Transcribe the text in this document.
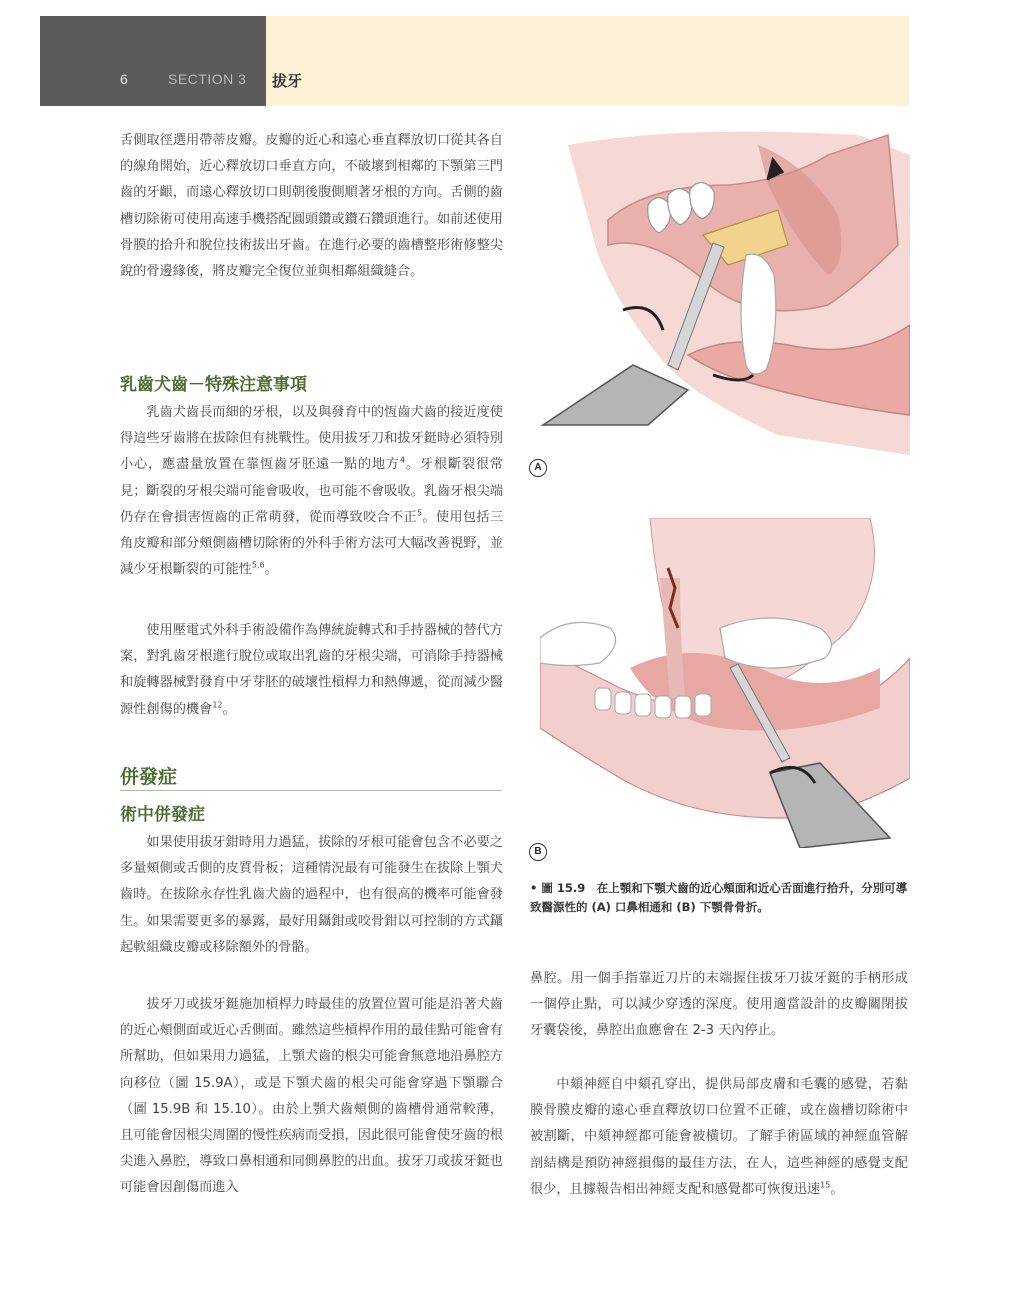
6	SECTION 3 拔牙

舌側取徑選用帶蒂皮瓣。皮瓣的近心和遠心垂直釋放切口從其各自的線角開始，近心釋放切口垂直方向，不破壞到相鄰的下顎第三門齒的牙齦，而遠心釋放切口則朝後腹側順著牙根的方向。舌側的齒槽切除術可使用高速手機搭配圓頭鑽或鑽石鑽頭進行。如前述使用骨膜的拾升和脫位技術拔出牙齒。在進行必要的齒槽整形術修整尖銳的骨邊緣後，將皮瓣完全復位並與相鄰組織縫合。

乳齒犬齒－特殊注意事項

乳齒犬齒長而細的牙根，以及與發育中的恆齒犬齒的接近度使得這些牙齒將在拔除但有挑戰性。使用拔牙刀和拔牙鋌時必須特別小心，應盡量放置在靠恆齒牙胚遠一點的地方$^4$。牙根斷裂很常見；斷裂的牙根尖端可能會吸收，也可能不會吸收。乳齒牙根尖端仍存在會損害恆齒的正常萌發，從而導致咬合不正$^5$。使用包括三角皮瓣和部分頰側齒槽切除術的外科手術方法可大幅改善視野，並減少牙根斷裂的可能性$^{5,6}$。

使用壓電式外科手術設備作為傳統旋轉式和手持器械的替代方案，對乳齒牙根進行脫位或取出乳齒的牙根尖端，可消除手持器械和旋轉器械對發育中牙芽胚的破壞性槓桿力和熱傳遞，從而減少醫源性創傷的機會$^{12}$。

併發症
術中併發症

如果使用拔牙鉗時用力過猛，拔除的牙根可能會包含不必要之多量頰側或舌側的皮質骨板；這種情況最有可能發生在拔除上顎犬齒時。在拔除永存性乳齒犬齒的過程中，也有很高的機率可能會發生。如果需要更多的暴露，最好用鑷鉗或咬骨鉗以可控制的方式鑷起軟組織皮瓣或移除額外的骨骼。

拔牙刀或拔牙鋌施加槓桿力時最佳的放置位置可能是沿著犬齒的近心頰側面或近心舌側面。雖然這些槓桿作用的最佳點可能會有所幫助，但如果用力過猛，上顎犬齒的根尖可能會無意地沿鼻腔方向移位（圖 15.9A），或是下顎犬齒的根尖可能會穿過下顎聯合（圖 15.9B 和 15.10）。由於上顎犬齒頰側的齒槽骨通常較薄，且可能會因根尖周圍的慢性疾病而受損，因此很可能會使牙齒的根尖進入鼻腔，導致口鼻相通和同側鼻腔的出血。拔牙刀或拔牙鋌也可能會因創傷而進入

A
B
• 圖 15.9　在上顎和下顎犬齒的近心頰面和近心舌面進行拾升，分別可導致醫源性的 (A) 口鼻相通和 (B) 下顎骨骨折。

鼻腔。用一個手指靠近刀片的末端握住拔牙刀拔牙鋌的手柄形成一個停止點，可以減少穿透的深度。使用適當設計的皮瓣關閉拔牙囊袋後，鼻腔出血應會在 2-3 天內停止。

中頦神經自中頦孔穿出，提供局部皮膚和毛囊的感覺，若黏膜骨膜皮瓣的遠心垂直釋放切口位置不正確，或在齒槽切除術中被割斷，中頦神經都可能會被橫切。了解手術區域的神經血管解剖結構是預防神經損傷的最佳方法，在人，這些神經的感覺支配很少，且據報告相出神經支配和感覺都可恢復迅速$^{15}$。
